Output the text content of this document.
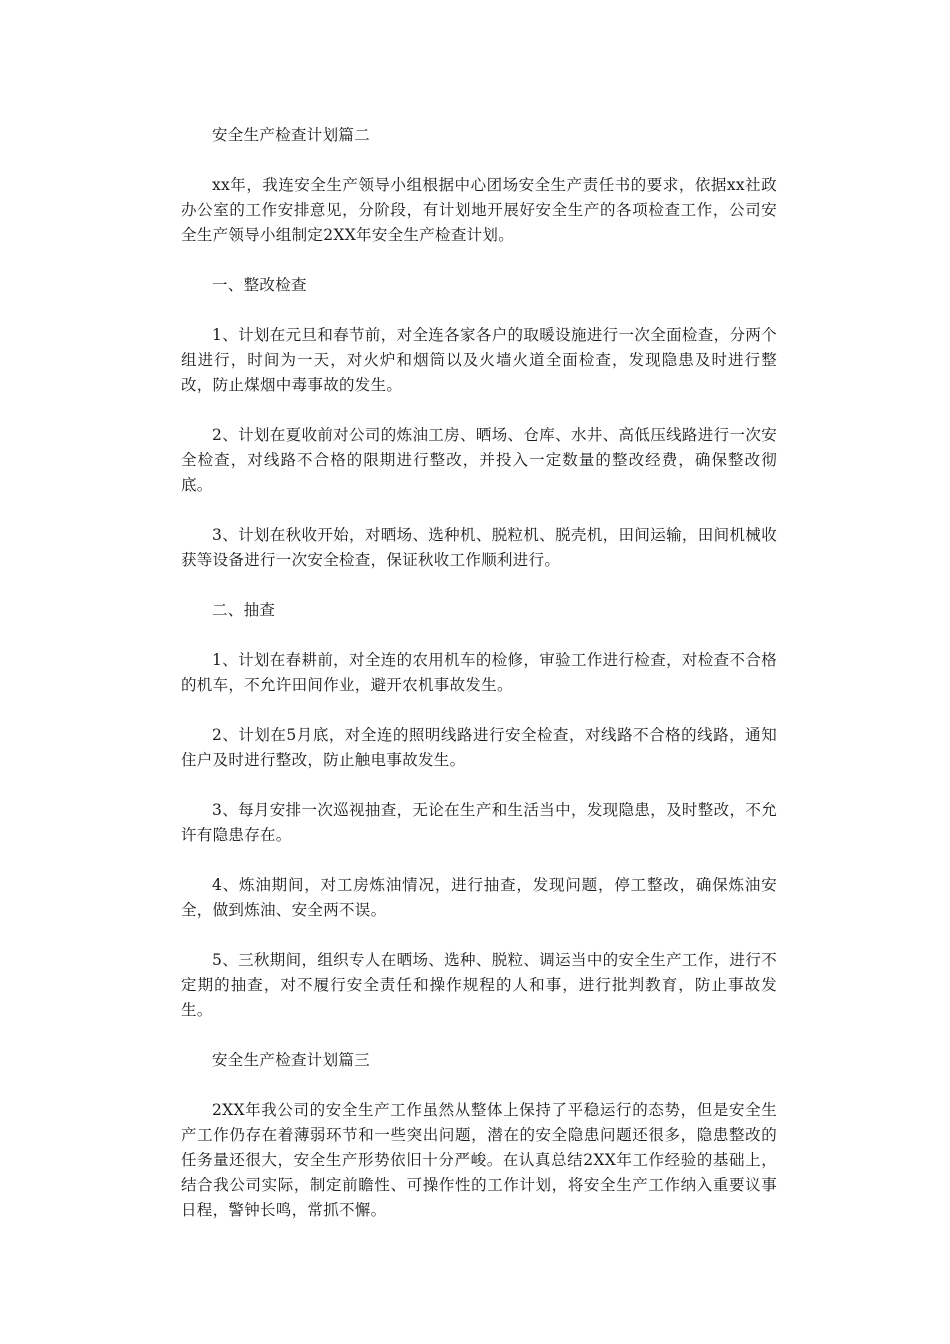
安全生产检查计划篇二

xx年，我连安全生产领导小组根据中心团场安全生产责任书的要求，依据xx社政办公室的工作安排意见，分阶段，有计划地开展好安全生产的各项检查工作，公司安全生产领导小组制定2XX年安全生产检查计划。

一、整改检查

1、计划在元旦和春节前，对全连各家各户的取暖设施进行一次全面检查，分两个组进行，时间为一天，对火炉和烟筒以及火墙火道全面检查，发现隐患及时进行整改，防止煤烟中毒事故的发生。

2、计划在夏收前对公司的炼油工房、晒场、仓库、水井、高低压线路进行一次安全检查，对线路不合格的限期进行整改，并投入一定数量的整改经费，确保整改彻底。

3、计划在秋收开始，对晒场、选种机、脱粒机、脱壳机，田间运输，田间机械收获等设备进行一次安全检查，保证秋收工作顺利进行。

二、抽查

1、计划在春耕前，对全连的农用机车的检修，审验工作进行检查，对检查不合格的机车，不允许田间作业，避开农机事故发生。

2、计划在5月底，对全连的照明线路进行安全检查，对线路不合格的线路，通知住户及时进行整改，防止触电事故发生。

3、每月安排一次巡视抽查，无论在生产和生活当中，发现隐患，及时整改，不允许有隐患存在。

4、炼油期间，对工房炼油情况，进行抽查，发现问题，停工整改，确保炼油安全，做到炼油、安全两不误。

5、三秋期间，组织专人在晒场、选种、脱粒、调运当中的安全生产工作，进行不定期的抽查，对不履行安全责任和操作规程的人和事，进行批判教育，防止事故发生。

安全生产检查计划篇三

2XX年我公司的安全生产工作虽然从整体上保持了平稳运行的态势，但是安全生产工作仍存在着薄弱环节和一些突出问题，潜在的安全隐患问题还很多，隐患整改的任务量还很大，安全生产形势依旧十分严峻。在认真总结2XX年工作经验的基础上，结合我公司实际，制定前瞻性、可操作性的工作计划，将安全生产工作纳入重要议事日程，警钟长鸣，常抓不懈。
